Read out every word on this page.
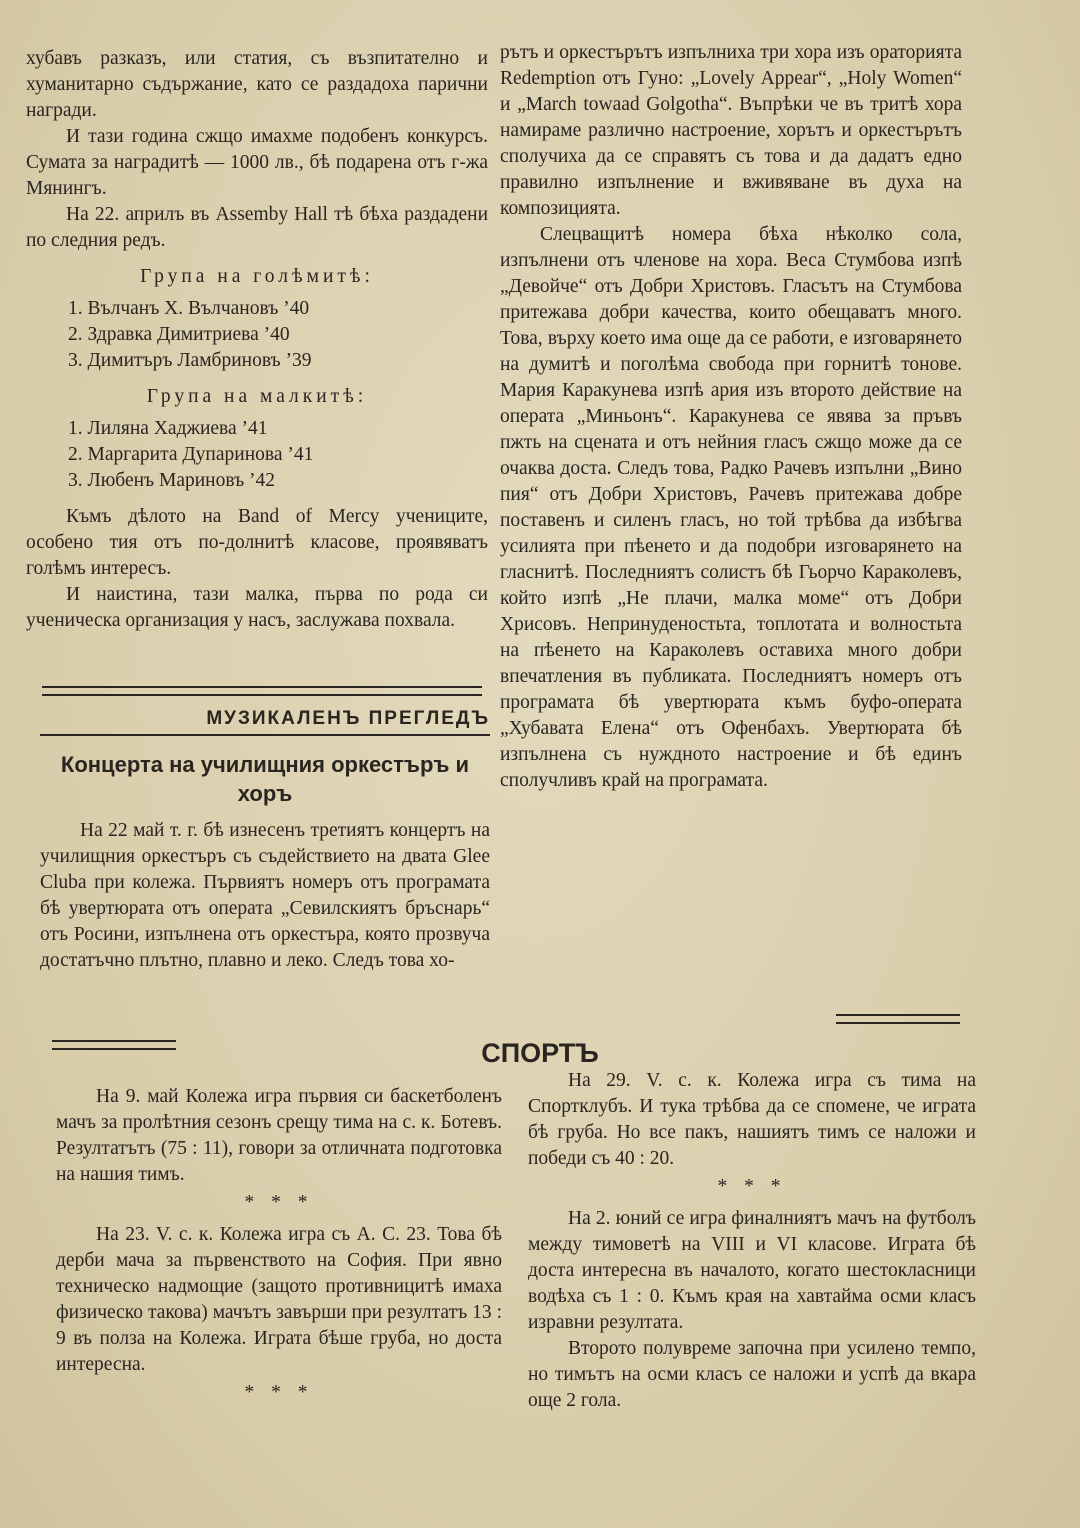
хубавъ разказъ, или статия, съ възпитателно и хуманитарно съдържание, като се раздадоха парични награди.

И тази година сжщо имахме подобенъ конкурсъ. Сумата за наградитѣ — 1000 лв., бѣ подарена отъ г-жа Мянингъ.

На 22. априлъ въ Assemby Hall тѣ бѣха раздадени по следния редъ.

Група на голѣмитѣ:
1. Вълчанъ Х. Вълчановъ ’40
2. Здравка Димитриева ’40
3. Димитъръ Ламбриновъ ’39
Група на малкитѣ:
1. Лиляна Хаджиева ’41
2. Маргарита Дупаринова ’41
3. Любенъ Мариновъ ’42

Къмъ дѣлото на Band of Mercy учениците, особено тия отъ по-долнитѣ класове, проявяватъ голѣмъ интересъ.

И наистина, тази малка, първа по рода си ученическа организация у насъ, заслужава похвала.

МУЗИКАЛЕНЪ ПРЕГЛЕДЪ
Концерта на училищния оркестъръ и хоръ

На 22 май т. г. бѣ изнесенъ третиятъ концертъ на училищния оркестъръ съ съдействието на двата Glee Cluba при колежа. Първиятъ номеръ отъ програмата бѣ увертюрата отъ операта „Севилскиятъ бръснарь“ отъ Росини, изпълнена отъ оркестъра, която прозвуча достатъчно плътно, плавно и леко. Следъ това хо-

рътъ и оркестърътъ изпълниха три хора изъ ораторията Redemption отъ Гуно: „Lovely Appear“, „Holy Women“ и „March towaad Golgotha“. Въпрѣки че въ тритѣ хора намираме различно настроение, хорътъ и оркестърътъ сполучиха да се справятъ съ това и да дадатъ едно правилно изпълнение и вживяване въ духа на композицията.

Слецващитѣ номера бѣха нѣколко сола, изпълнени отъ членове на хора. Веса Стумбова изпѣ „Девойче“ отъ Добри Христовъ. Гласътъ на Стумбова притежава добри качества, които обещаватъ много. Това, върху което има още да се работи, е изговарянето на думитѣ и поголѣма свобода при горнитѣ тонове. Мария Каракунева изпѣ ария изъ второто действие на операта „Миньонъ“. Каракунева се явява за пръвъ пжть на сцената и отъ нейния гласъ сжщо може да се очаква доста. Следъ това, Радко Рачевъ изпълни „Вино пия“ отъ Добри Христовъ, Рачевъ притежава добре поставенъ и силенъ гласъ, но той трѣбва да избѣгва усилията при пѣенето и да подобри изговарянето на гласнитѣ. Последниятъ солистъ бѣ Гьорчо Караколевъ, който изпѣ „Не плачи, малка моме“ отъ Добри Хрисовъ. Непринуденостьта, топлотата и волностьта на пѣенето на Караколевъ оставиха много добри впечатления въ публиката. Последниятъ номеръ отъ програмата бѣ увертюрата къмъ буфо-операта „Хубавата Елена“ отъ Офенбахъ. Увертюрата бѣ изпълнена съ нуждното настроение и бѣ единъ сполучливъ край на програмата.

СПОРТЪ

На 9. май Колежа игра първия си баскетболенъ мачъ за пролѣтния сезонъ срещу тима на с. к. Ботевъ. Резултатътъ (75 : 11), говори за отличната подготовка на нашия тимъ.

* * *

На 23. V. с. к. Колежа игра съ А. С. 23. Това бѣ дерби мача за първенството на София. При явно техническо надмощие (защото противницитѣ имаха физическо такова) мачътъ завърши при резултатъ 13 : 9 въ полза на Колежа. Играта бѣше груба, но доста интересна.

* * *

На 29. V. с. к. Колежа игра съ тима на Спортклубъ. И тука трѣбва да се спомене, че играта бѣ груба. Но все пакъ, нашиятъ тимъ се наложи и победи съ 40 : 20.

* * *

На 2. юний се игра финалниятъ мачъ на футболъ между тимоветѣ на VIII и VI класове. Играта бѣ доста интересна въ началото, когато шестокласници водѣха съ 1 : 0. Къмъ края на хавтайма осми класъ изравни резултата.

Второто полувреме започна при усилено темпо, но тимътъ на осми класъ се наложи и успѣ да вкара още 2 гола.
